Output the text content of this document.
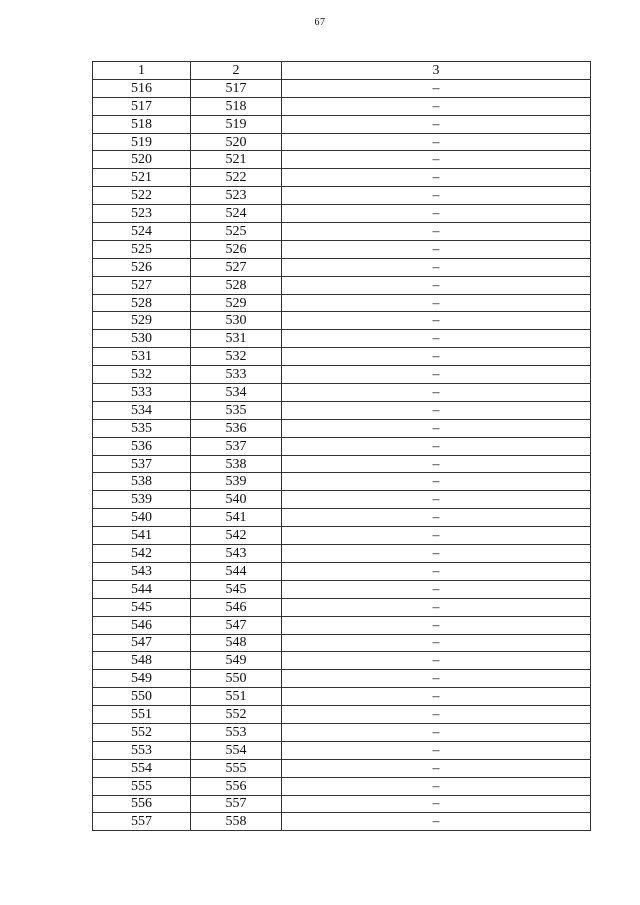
67
1	2	3
516	517	–
517	518	–
518	519	–
519	520	–
520	521	–
521	522	–
522	523	–
523	524	–
524	525	–
525	526	–
526	527	–
527	528	–
528	529	–
529	530	–
530	531	–
531	532	–
532	533	–
533	534	–
534	535	–
535	536	–
536	537	–
537	538	–
538	539	–
539	540	–
540	541	–
541	542	–
542	543	–
543	544	–
544	545	–
545	546	–
546	547	–
547	548	–
548	549	–
549	550	–
550	551	–
551	552	–
552	553	–
553	554	–
554	555	–
555	556	–
556	557	–
557	558	–
